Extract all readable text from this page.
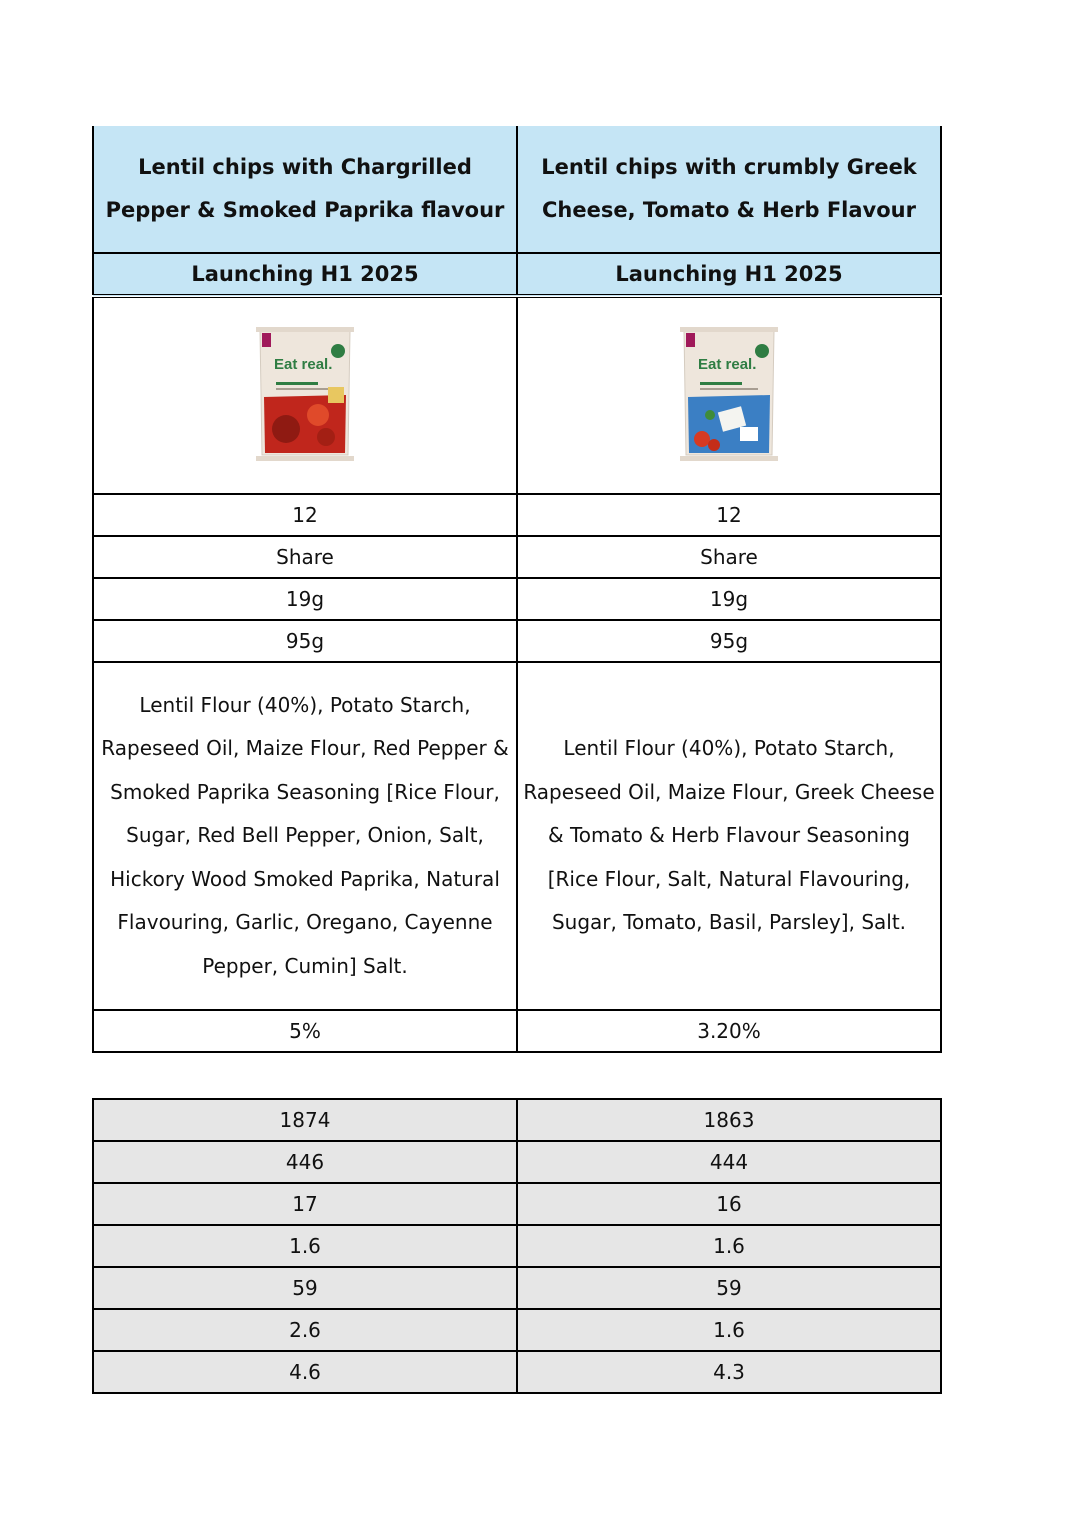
Lentil chips with Chargrilled Pepper & Smoked Paprika flavour	Lentil chips with crumbly Greek Cheese, Tomato & Herb Flavour
Launching H1 2025	Launching H1 2025

Eat real.	Eat real.

12	12
Share	Share
19g	19g
95g	95g
Lentil Flour (40%), Potato Starch, Rapeseed Oil, Maize Flour, Red Pepper & Smoked Paprika Seasoning [Rice Flour, Sugar, Red Bell Pepper, Onion, Salt, Hickory Wood Smoked Paprika, Natural Flavouring, Garlic, Oregano, Cayenne Pepper, Cumin] Salt.	Lentil Flour (40%), Potato Starch, Rapeseed Oil, Maize Flour, Greek Cheese & Tomato & Herb Flavour Seasoning [Rice Flour, Salt, Natural Flavouring, Sugar, Tomato, Basil, Parsley], Salt.
5%	3.20%
1874	1863
446	444
17	16
1.6	1.6
59	59
2.6	1.6
4.6	4.3
